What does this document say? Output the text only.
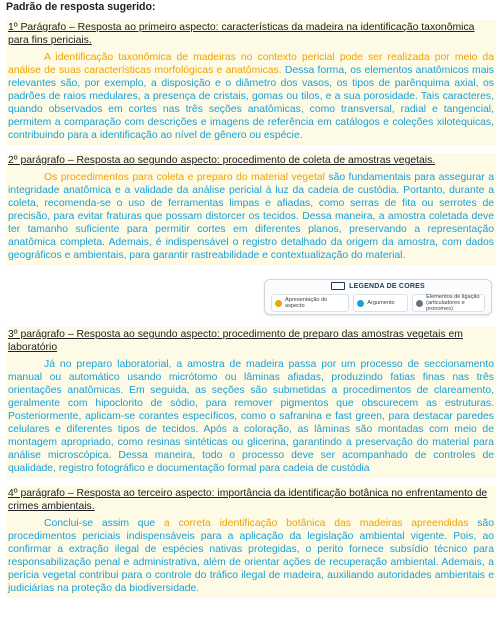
Padrão de resposta sugerido:
1º Parágrafo – Resposta ao primeiro aspecto: características da madeira na identificação taxonômica para fins periciais.

A identificação taxonômica de madeiras no contexto pericial pode ser realizada por meio da análise de suas características morfológicas e anatômicas. Dessa forma, os elementos anatômicos mais relevantes são, por exemplo, a disposição e o diâmetro dos vasos, os tipos de parênquima axial, os padrões de raios medulares, a presença de cristais, gomas ou tilos, e a sua porosidade. Tais caracteres, quando observados em cortes nas três seções anatômicas, como transversal, radial e tangencial, permitem a comparação com descrições e imagens de referência em catálogos e coleções xilotequicas, contribuindo para a identificação ao nível de gênero ou espécie.

2º parágrafo – Resposta ao segundo aspecto: procedimento de coleta de amostras vegetais.

Os procedimentos para coleta e preparo do material vegetal são fundamentais para assegurar a integridade anatômica e a validade da análise pericial à luz da cadeia de custódia. Portanto, durante a coleta, recomenda-se o uso de ferramentas limpas e afiadas, como serras de fita ou serrotes de precisão, para evitar fraturas que possam distorcer os tecidos. Dessa maneira, a amostra coletada deve ter tamanho suficiente para permitir cortes em diferentes planos, preservando a representação anatômica completa. Ademais, é indispensável o registro detalhado da origem da amostra, com dados geográficos e ambientais, para garantir rastreabilidade e contextualização do material.

LEGENDA DE CORES
Apresentação do aspecto	Argumento
Elementos de ligação (articuladores e pronomes)
3º parágrafo – Resposta ao segundo aspecto: procedimento de preparo das amostras vegetais em laboratório

Já no preparo laboratorial, a amostra de madeira passa por um processo de seccionamento manual ou automático usando micrótomo ou lâminas afiadas, produzindo fatias finas nas três orientações anatômicas. Em seguida, as seções são submetidas a procedimentos de clareamento, geralmente com hipoclorito de sódio, para remover pigmentos que obscurecem as estruturas. Posteriormente, aplicam-se corantes específicos, como o safranina e fast green, para destacar paredes celulares e diferentes tipos de tecidos. Após a coloração, as lâminas são montadas com meio de montagem apropriado, como resinas sintéticas ou glicerina, garantindo a preservação do material para análise microscópica. Dessa maneira, todo o processo deve ser acompanhado de controles de qualidade, registro fotográfico e documentação formal para cadeia de custódia

4º parágrafo – Resposta ao terceiro aspecto: importância da identificação botânica no enfrentamento de crimes ambientais.

Conclui-se assim que a correta identificação botânica das madeiras apreendidas são procedimentos periciais indispensáveis para a aplicação da legislação ambiental vigente. Pois, ao confirmar a extração ilegal de espécies nativas protegidas, o perito fornece subsídio técnico para responsabilização penal e administrativa, além de orientar ações de recuperação ambiental. Ademais, a perícia vegetal contribui para o controle do tráfico ilegal de madeira, auxiliando autoridades ambientais e judiciárias na proteção da biodiversidade.
